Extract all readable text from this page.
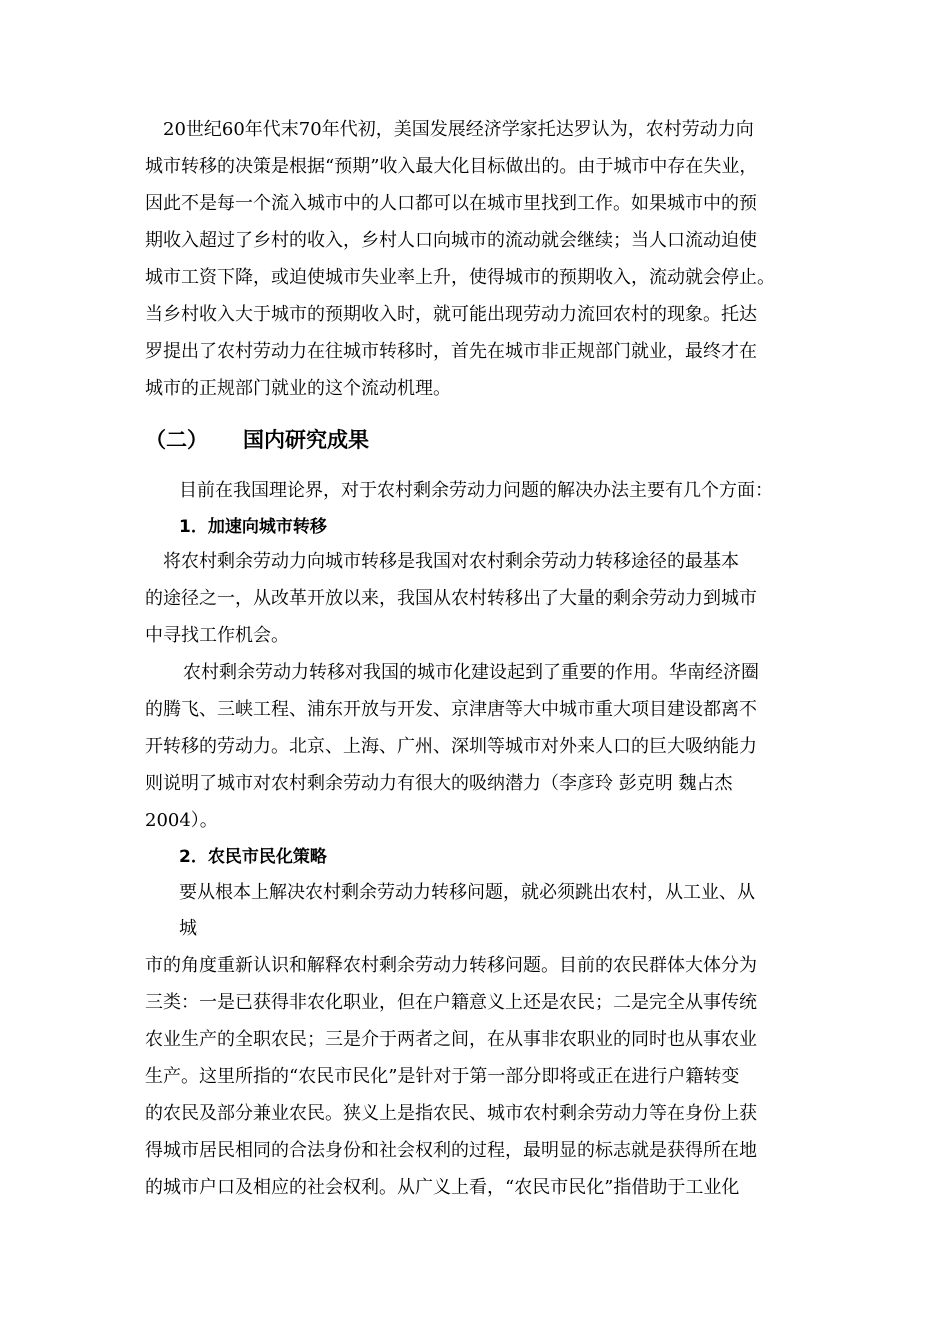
20世纪60年代末70年代初，美国发展经济学家托达罗认为，农村劳动力向

城市转移的决策是根据“预期”收入最大化目标做出的。由于城市中存在失业，

因此不是每一个流入城市中的人口都可以在城市里找到工作。如果城市中的预

期收入超过了乡村的收入，乡村人口向城市的流动就会继续；当人口流动迫使

城市工资下降，或迫使城市失业率上升，使得城市的预期收入，流动就会停止。

当乡村收入大于城市的预期收入时，就可能出现劳动力流回农村的现象。托达

罗提出了农村劳动力在往城市转移时，首先在城市非正规部门就业，最终才在

城市的正规部门就业的这个流动机理。

（二） 国内研究成果

目前在我国理论界，对于农村剩余劳动力问题的解决办法主要有几个方面：

1．加速向城市转移

将农村剩余劳动力向城市转移是我国对农村剩余劳动力转移途径的最基本

的途径之一，从改革开放以来，我国从农村转移出了大量的剩余劳动力到城市

中寻找工作机会。

农村剩余劳动力转移对我国的城市化建设起到了重要的作用。华南经济圈

的腾飞、三峡工程、浦东开放与开发、京津唐等大中城市重大项目建设都离不

开转移的劳动力。北京、上海、广州、深圳等城市对外来人口的巨大吸纳能力

则说明了城市对农村剩余劳动力有很大的吸纳潜力（李彦玲 彭克明 魏占杰

2004）。

2．农民市民化策略

要从根本上解决农村剩余劳动力转移问题，就必须跳出农村，从工业、从

城

市的角度重新认识和解释农村剩余劳动力转移问题。目前的农民群体大体分为

三类：一是已获得非农化职业，但在户籍意义上还是农民；二是完全从事传统

农业生产的全职农民；三是介于两者之间，在从事非农职业的同时也从事农业

生产。这里所指的“农民市民化”是针对于第一部分即将或正在进行户籍转变

的农民及部分兼业农民。狭义上是指农民、城市农村剩余劳动力等在身份上获

得城市居民相同的合法身份和社会权利的过程，最明显的标志就是获得所在地

的城市户口及相应的社会权利。从广义上看，“农民市民化”指借助于工业化
